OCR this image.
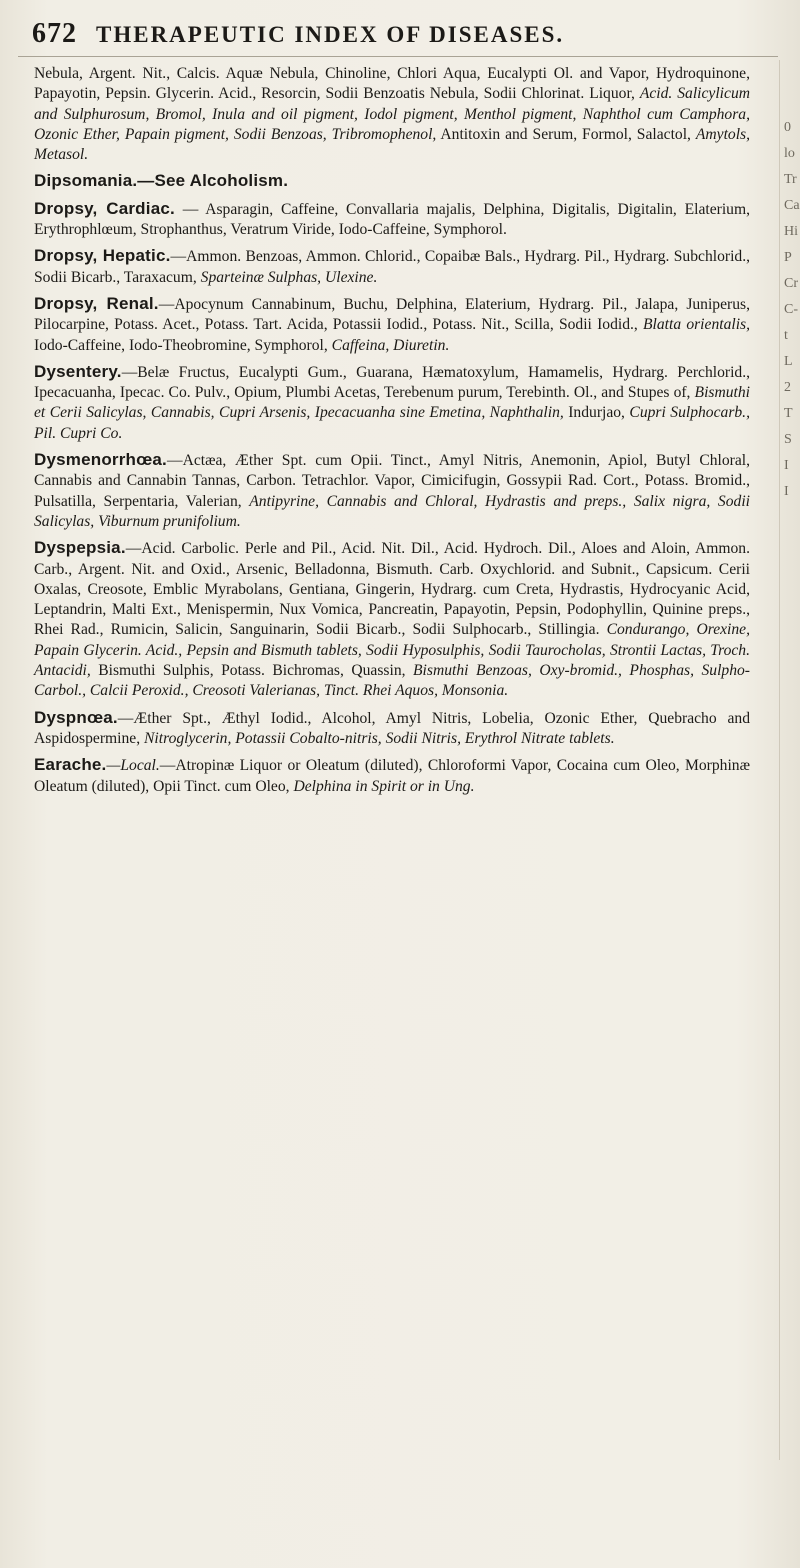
672 THERAPEUTIC INDEX OF DISEASES.

Nebula, Argent. Nit., Calcis. Aquæ Nebula, Chinoline, Chlori Aqua, Eucalypti Ol. and Vapor, Hydroquinone, Papayotin, Pepsin. Glycerin. Acid., Resorcin, Sodii Benzoatis Nebula, Sodii Chlorinat. Liquor, Acid. Salicylicum and Sulphurosum, Bromol, Inula and oil pigment, Iodol pigment, Menthol pigment, Naphthol cum Camphora, Ozonic Ether, Papain pigment, Sodii Benzoas, Tribromophenol, Antitoxin and Serum, Formol, Salactol, Amytols, Metasol.

Dipsomania.—See Alcoholism.

Dropsy, Cardiac. — Asparagin, Caffeine, Convallaria majalis, Delphina, Digitalis, Digitalin, Elaterium, Erythrophlœum, Strophanthus, Veratrum Viride, Iodo-Caffeine, Symphorol.

Dropsy, Hepatic.—Ammon. Benzoas, Ammon. Chlorid., Copaibæ Bals., Hydrarg. Pil., Hydrarg. Subchlorid., Sodii Bicarb., Taraxacum, Sparteinæ Sulphas, Ulexine.

Dropsy, Renal.—Apocynum Cannabinum, Buchu, Delphina, Elaterium, Hydrarg. Pil., Jalapa, Juniperus, Pilocarpine, Potass. Acet., Potass. Tart. Acida, Potassii Iodid., Potass. Nit., Scilla, Sodii Iodid., Blatta orientalis, Iodo-Caffeine, Iodo-Theobromine, Symphorol, Caffeina, Diuretin.

Dysentery.—Belæ Fructus, Eucalypti Gum., Guarana, Hæmatoxylum, Hamamelis, Hydrarg. Perchlorid., Ipecacuanha, Ipecac. Co. Pulv., Opium, Plumbi Acetas, Terebenum purum, Terebinth. Ol., and Stupes of, Bismuthi et Cerii Salicylas, Cannabis, Cupri Arsenis, Ipecacuanha sine Emetina, Naphthalin, Indurjao, Cupri Sulphocarb., Pil. Cupri Co.

Dysmenorrhœa.—Actæa, Æther Spt. cum Opii. Tinct., Amyl Nitris, Anemonin, Apiol, Butyl Chloral, Cannabis and Cannabin Tannas, Carbon. Tetrachlor. Vapor, Cimicifugin, Gossypii Rad. Cort., Potass. Bromid., Pulsatilla, Serpentaria, Valerian, Antipyrine, Cannabis and Chloral, Hydrastis and preps., Salix nigra, Sodii Salicylas, Viburnum prunifolium.

Dyspepsia.—Acid. Carbolic. Perle and Pil., Acid. Nit. Dil., Acid. Hydroch. Dil., Aloes and Aloin, Ammon. Carb., Argent. Nit. and Oxid., Arsenic, Belladonna, Bismuth. Carb. Oxychlorid. and Subnit., Capsicum. Cerii Oxalas, Creosote, Emblic Myrabolans, Gentiana, Gingerin, Hydrarg. cum Creta, Hydrastis, Hydrocyanic Acid, Leptandrin, Malti Ext., Menispermin, Nux Vomica, Pancreatin, Papayotin, Pepsin, Podophyllin, Quinine preps., Rhei Rad., Rumicin, Salicin, Sanguinarin, Sodii Bicarb., Sodii Sulphocarb., Stillingia. Condurango, Orexine, Papain Glycerin. Acid., Pepsin and Bismuth tablets, Sodii Hyposulphis, Sodii Taurocholas, Strontii Lactas, Troch. Antacidi, Bismuthi Sulphis, Potass. Bichromas, Quassin, Bismuthi Benzoas, Oxy-bromid., Phosphas, Sulpho-Carbol., Calcii Peroxid., Creosoti Valerianas, Tinct. Rhei Aquos, Monsonia.

Dyspnœa.—Æther Spt., Æthyl Iodid., Alcohol, Amyl Nitris, Lobelia, Ozonic Ether, Quebracho and Aspidospermine, Nitroglycerin, Potassii Cobalto-nitris, Sodii Nitris, Erythrol Nitrate tablets.

Earache.—Local.—Atropinæ Liquor or Oleatum (diluted), Chloroformi Vapor, Cocaina cum Oleo, Morphinæ Oleatum (diluted), Opii Tinct. cum Oleo, Delphina in Spirit or in Ung.

0
lo
Tr
Ca
Hi
P
Cr
C-
t
L
2
T
S
I
I
